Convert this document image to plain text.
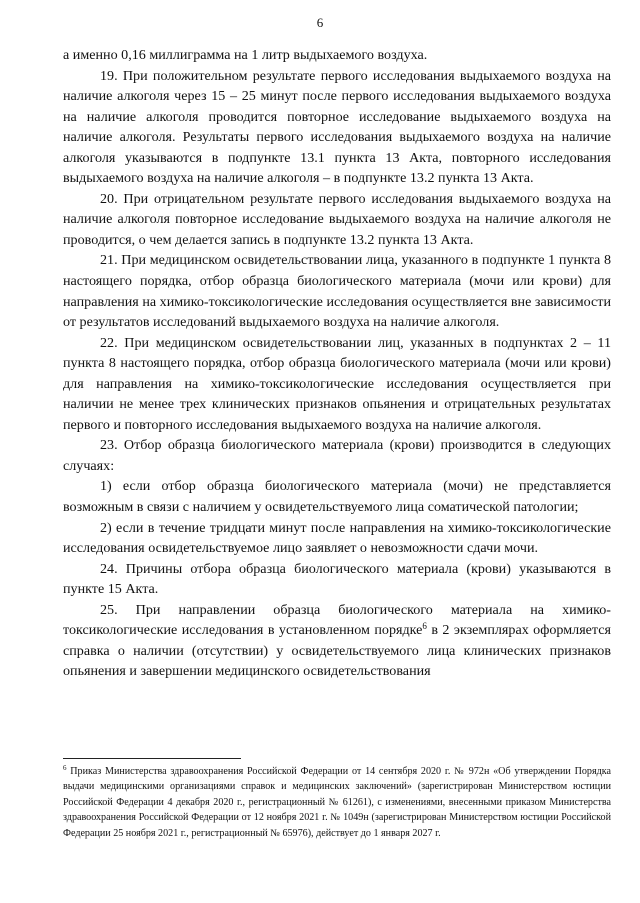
6

а именно 0,16 миллиграмма на 1 литр выдыхаемого воздуха.

19. При положительном результате первого исследования выдыхаемого воздуха на наличие алкоголя через 15 – 25 минут после первого исследования выдыхаемого воздуха на наличие алкоголя проводится повторное исследование выдыхаемого воздуха на наличие алкоголя. Результаты первого исследования выдыхаемого воздуха на наличие алкоголя указываются в подпункте 13.1 пункта 13 Акта, повторного исследования выдыхаемого воздуха на наличие алкоголя – в подпункте 13.2 пункта 13 Акта.

20. При отрицательном результате первого исследования выдыхаемого воздуха на наличие алкоголя повторное исследование выдыхаемого воздуха на наличие алкоголя не проводится, о чем делается запись в подпункте 13.2 пункта 13 Акта.

21. При медицинском освидетельствовании лица, указанного в подпункте 1 пункта 8 настоящего порядка, отбор образца биологического материала (мочи или крови) для направления на химико-токсикологические исследования осуществляется вне зависимости от результатов исследований выдыхаемого воздуха на наличие алкоголя.

22. При медицинском освидетельствовании лиц, указанных в подпунктах 2 – 11 пункта 8 настоящего порядка, отбор образца биологического материала (мочи или крови) для направления на химико-токсикологические исследования осуществляется при наличии не менее трех клинических признаков опьянения и отрицательных результатах первого и повторного исследования выдыхаемого воздуха на наличие алкоголя.

23. Отбор образца биологического материала (крови) производится в следующих случаях:

1) если отбор образца биологического материала (мочи) не представляется возможным в связи с наличием у освидетельствуемого лица соматической патологии;

2) если в течение тридцати минут после направления на химико-токсикологические исследования освидетельствуемое лицо заявляет о невозможности сдачи мочи.

24. Причины отбора образца биологического материала (крови) указываются в пункте 15 Акта.

25. При направлении образца биологического материала на химико-токсикологические исследования в установленном порядке$^6$ в 2 экземплярах оформляется справка о наличии (отсутствии) у освидетельствуемого лица клинических признаков опьянения и завершении медицинского освидетельствования

$^6$ Приказ Министерства здравоохранения Российской Федерации от 14 сентября 2020 г. № 972н «Об утверждении Порядка выдачи медицинскими организациями справок и медицинских заключений» (зарегистрирован Министерством юстиции Российской Федерации 4 декабря 2020 г., регистрационный № 61261), с изменениями, внесенными приказом Министерства здравоохранения Российской Федерации от 12 ноября 2021 г. № 1049н (зарегистрирован Министерством юстиции Российской Федерации 25 ноября 2021 г., регистрационный № 65976), действует до 1 января 2027 г.
